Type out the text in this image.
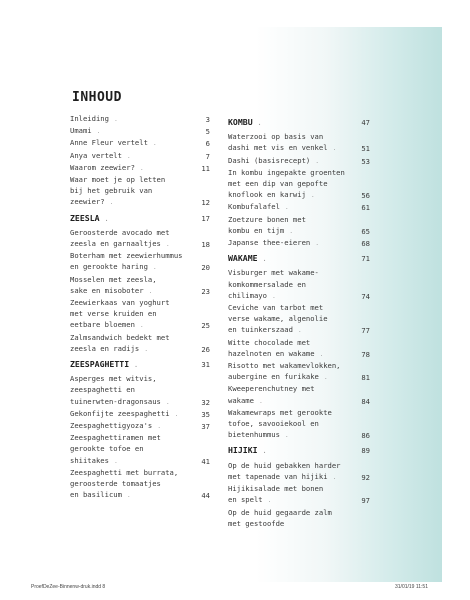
INHOUD
Inleiding .	3
Umami .	5
Anne Fleur vertelt .	6
Anya vertelt .	7
Waarom zeewier? .	11
Waar moet je op letten
bij het gebruik van
zeewier? .	12
ZEESLA .	17
Geroosterde avocado met
zeesla en garnaaltjes .	18
Boterham met zeewierhummus
en gerookte haring .	20
Mosselen met zeesla,
sake en misoboter .	23
Zeewierkaas van yoghurt
met verse kruiden en
eetbare bloemen .	25
Zalmsandwich bedekt met
zeesla en radijs .	26
ZEESPAGHETTI .	31
Asperges met witvis,
zeespaghetti en
tuinerwten-dragonsaus .	32
Gekonfijte zeespaghetti .	35
Zeespaghettigyoza's .	37
Zeespaghettiramen met
gerookte tofoe en
shiitakes .	41
Zeespaghetti met burrata,
geroosterde tomaatjes
en basilicum .	44
KOMBU .	47
Waterzooi op basis van
dashi met vis en venkel .	51
Dashi (basisrecept) .	53
In kombu ingepakte groenten
met een dip van gepofte
knoflook en karwij .	56
Kombufalafel .	61
Zoetzure bonen met
kombu en tijm .	65
Japanse thee-eieren .	68
WAKAME .	71
Visburger met wakame-
komkommersalade en
chilimayo .	74
Ceviche van tarbot met
verse wakame, algenolie
en tuinkerszaad .	77
Witte chocolade met
hazelnoten en wakame .	78
Risotto met wakamevlokken,
aubergine en furikake .	81
Kweeperenchutney met
wakame .	84
Wakamewraps met gerookte
tofoe, savooiekool en
bietenhummus .	86
HIJIKI .	89
Op de huid gebakken harder
met tapenade van hijiki .	92
Hijikisalade met bonen
en spelt .	97
Op de huid gegaarde zalm
met gestoofde
ProefDeZee-Binnenw-druk.indd 8	31/01/19 11:51
